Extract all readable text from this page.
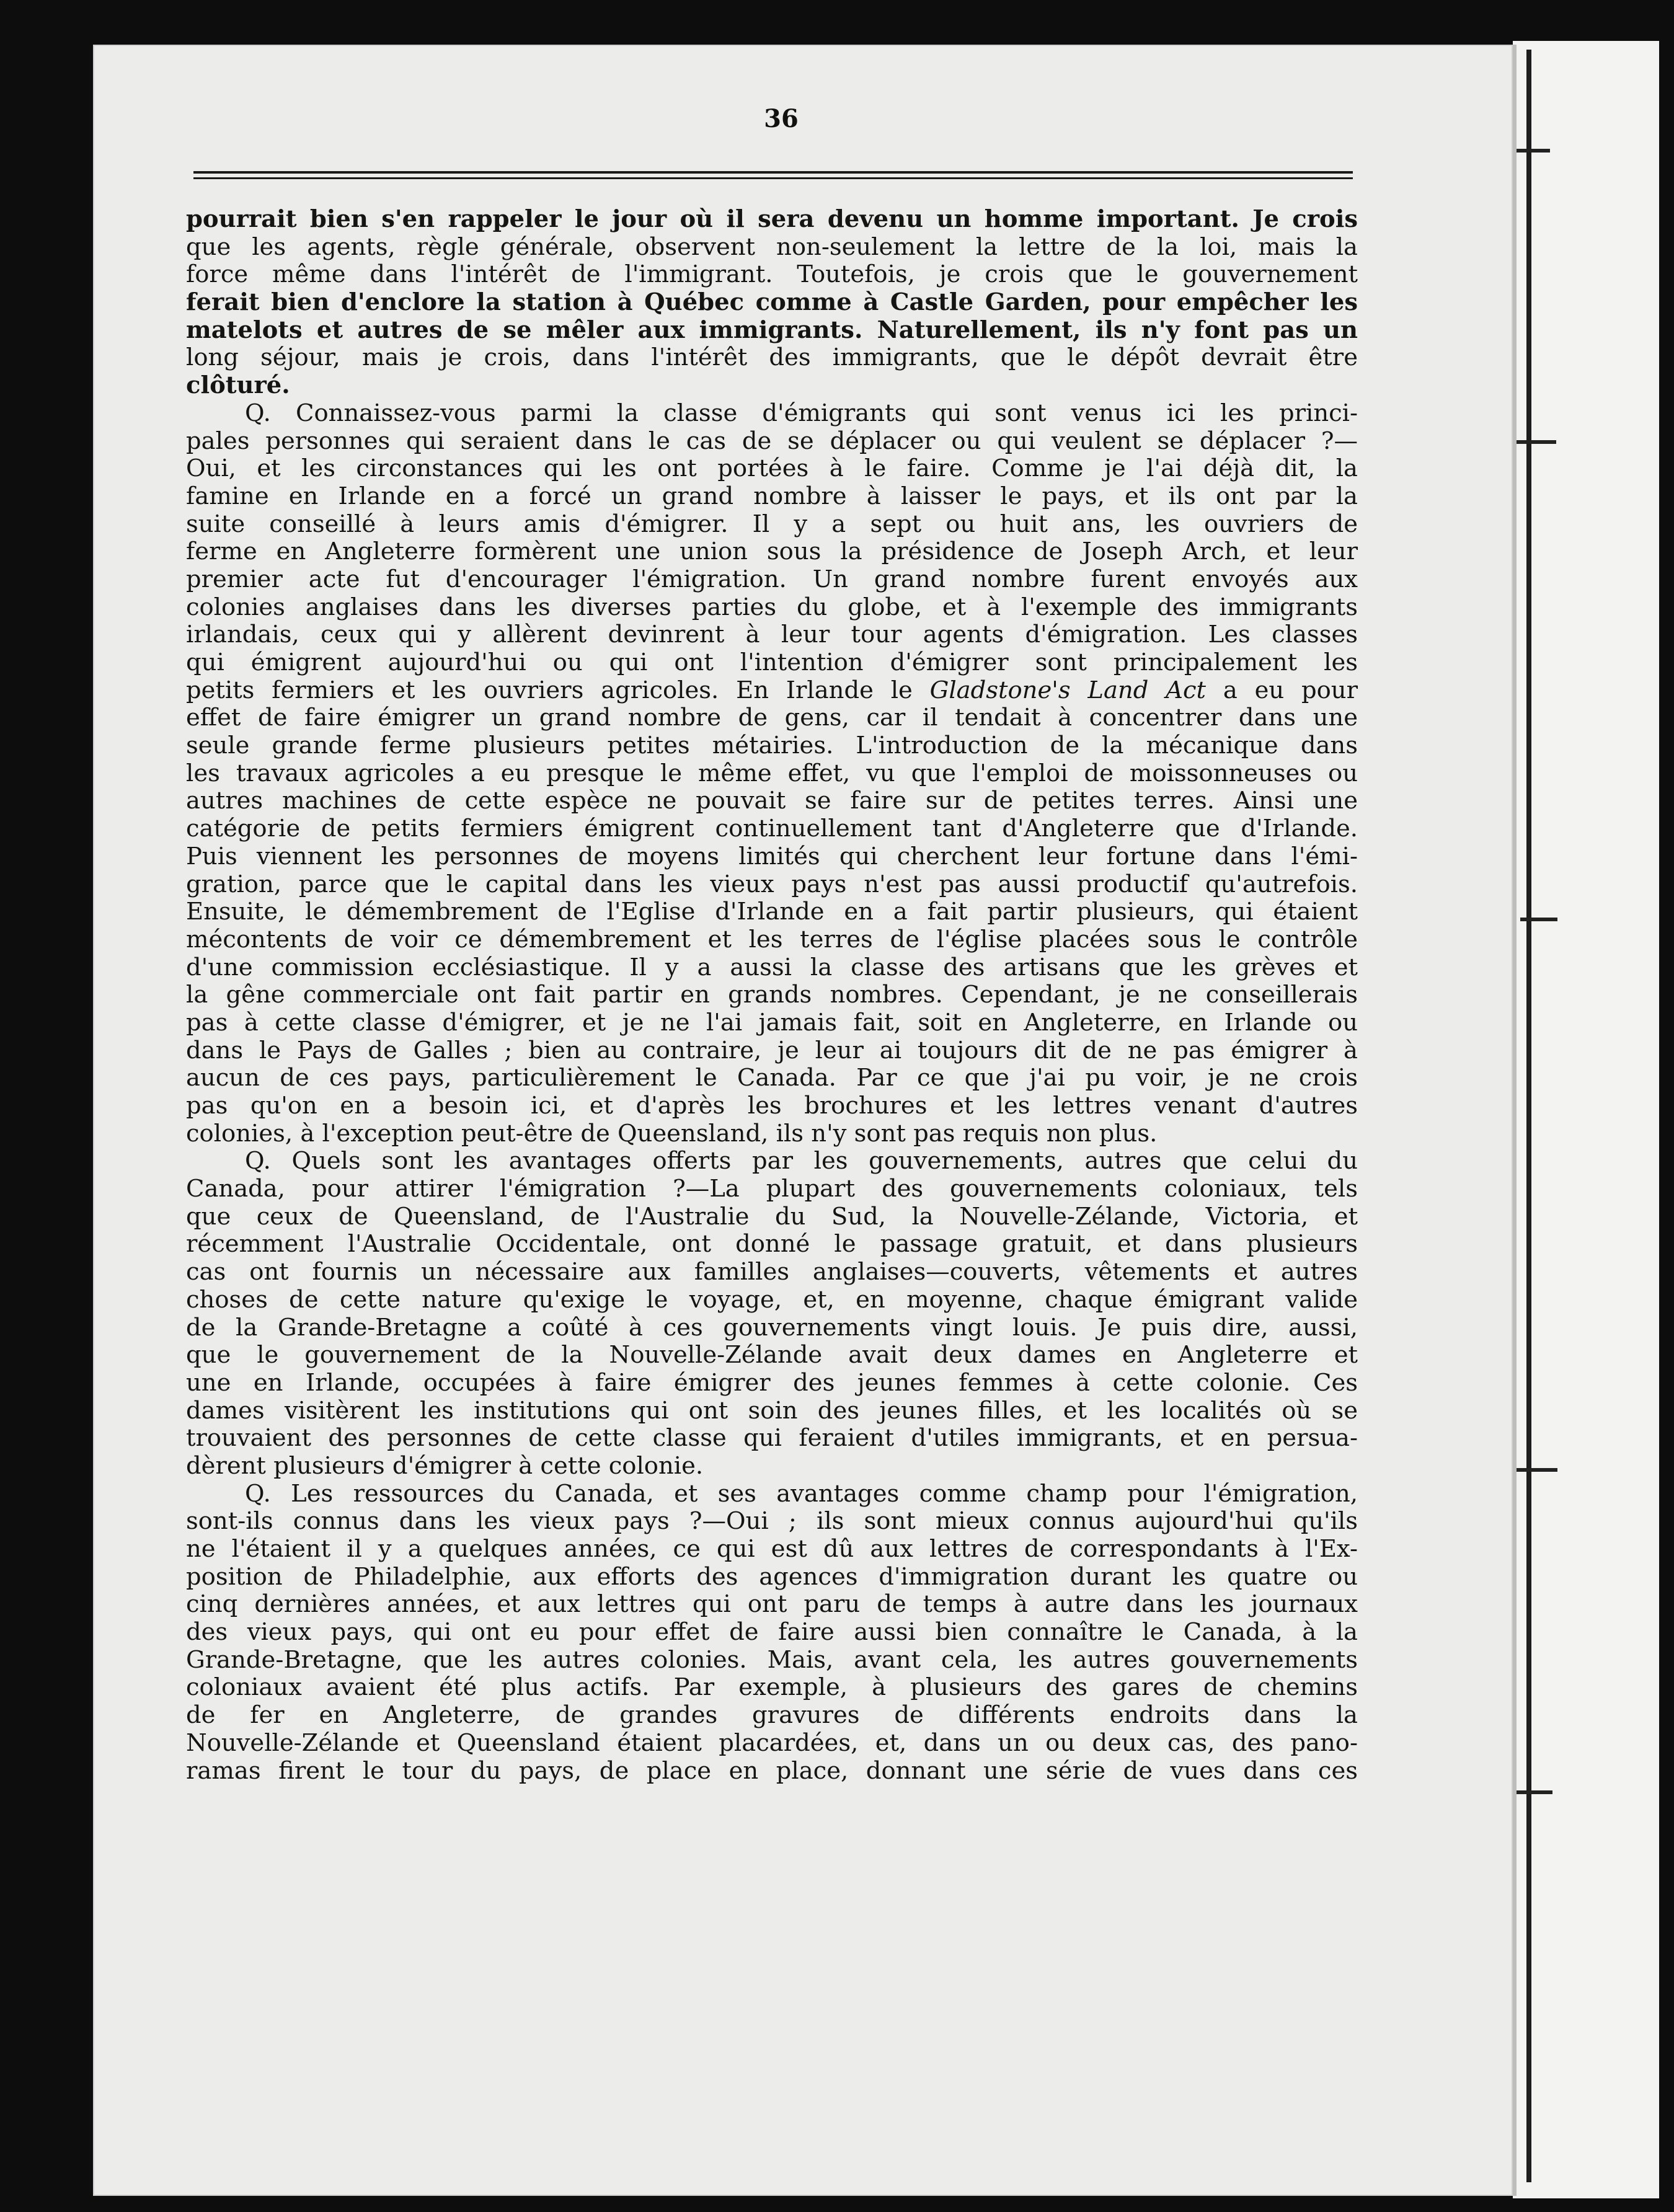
36
pourrait bien s'en rappeler le jour où il sera devenu un homme important. Je crois
que les agents, règle générale, observent non-seulement la lettre de la loi, mais la
force même dans l'intérêt de l'immigrant. Toutefois, je crois que le gouvernement
ferait bien d'enclore la station à Québec comme à Castle Garden, pour empêcher les
matelots et autres de se mêler aux immigrants. Naturellement, ils n'y font pas un
long séjour, mais je crois, dans l'intérêt des immigrants, que le dépôt devrait être
clôturé.
Q. Connaissez-vous parmi la classe d'émigrants qui sont venus ici les princi-
pales personnes qui seraient dans le cas de se déplacer ou qui veulent se déplacer ?—
Oui, et les circonstances qui les ont portées à le faire. Comme je l'ai déjà dit, la
famine en Irlande en a forcé un grand nombre à laisser le pays, et ils ont par la
suite conseillé à leurs amis d'émigrer. Il y a sept ou huit ans, les ouvriers de
ferme en Angleterre formèrent une union sous la présidence de Joseph Arch, et leur
premier acte fut d'encourager l'émigration. Un grand nombre furent envoyés aux
colonies anglaises dans les diverses parties du globe, et à l'exemple des immigrants
irlandais, ceux qui y allèrent devinrent à leur tour agents d'émigration. Les classes
qui émigrent aujourd'hui ou qui ont l'intention d'émigrer sont principalement les
petits fermiers et les ouvriers agricoles. En Irlande le Gladstone's Land Act a eu pour
effet de faire émigrer un grand nombre de gens, car il tendait à concentrer dans une
seule grande ferme plusieurs petites métairies. L'introduction de la mécanique dans
les travaux agricoles a eu presque le même effet, vu que l'emploi de moissonneuses ou
autres machines de cette espèce ne pouvait se faire sur de petites terres. Ainsi une
catégorie de petits fermiers émigrent continuellement tant d'Angleterre que d'Irlande.
Puis viennent les personnes de moyens limités qui cherchent leur fortune dans l'émi-
gration, parce que le capital dans les vieux pays n'est pas aussi productif qu'autrefois.
Ensuite, le démembrement de l'Eglise d'Irlande en a fait partir plusieurs, qui étaient
mécontents de voir ce démembrement et les terres de l'église placées sous le contrôle
d'une commission ecclésiastique. Il y a aussi la classe des artisans que les grèves et
la gêne commerciale ont fait partir en grands nombres. Cependant, je ne conseillerais
pas à cette classe d'émigrer, et je ne l'ai jamais fait, soit en Angleterre, en Irlande ou
dans le Pays de Galles ; bien au contraire, je leur ai toujours dit de ne pas émigrer à
aucun de ces pays, particulièrement le Canada. Par ce que j'ai pu voir, je ne crois
pas qu'on en a besoin ici, et d'après les brochures et les lettres venant d'autres
colonies, à l'exception peut-être de Queensland, ils n'y sont pas requis non plus.
Q. Quels sont les avantages offerts par les gouvernements, autres que celui du
Canada, pour attirer l'émigration ?—La plupart des gouvernements coloniaux, tels
que ceux de Queensland, de l'Australie du Sud, la Nouvelle-Zélande, Victoria, et
récemment l'Australie Occidentale, ont donné le passage gratuit, et dans plusieurs
cas ont fournis un nécessaire aux familles anglaises—couverts, vêtements et autres
choses de cette nature qu'exige le voyage, et, en moyenne, chaque émigrant valide
de la Grande-Bretagne a coûté à ces gouvernements vingt louis. Je puis dire, aussi,
que le gouvernement de la Nouvelle-Zélande avait deux dames en Angleterre et
une en Irlande, occupées à faire émigrer des jeunes femmes à cette colonie. Ces
dames visitèrent les institutions qui ont soin des jeunes filles, et les localités où se
trouvaient des personnes de cette classe qui feraient d'utiles immigrants, et en persua-
dèrent plusieurs d'émigrer à cette colonie.
Q. Les ressources du Canada, et ses avantages comme champ pour l'émigration,
sont-ils connus dans les vieux pays ?—Oui ; ils sont mieux connus aujourd'hui qu'ils
ne l'étaient il y a quelques années, ce qui est dû aux lettres de correspondants à l'Ex-
position de Philadelphie, aux efforts des agences d'immigration durant les quatre ou
cinq dernières années, et aux lettres qui ont paru de temps à autre dans les journaux
des vieux pays, qui ont eu pour effet de faire aussi bien connaître le Canada, à la
Grande-Bretagne, que les autres colonies. Mais, avant cela, les autres gouvernements
coloniaux avaient été plus actifs. Par exemple, à plusieurs des gares de chemins
de fer en Angleterre, de grandes gravures de différents endroits dans la
Nouvelle-Zélande et Queensland étaient placardées, et, dans un ou deux cas, des pano-
ramas firent le tour du pays, de place en place, donnant une série de vues dans ces
